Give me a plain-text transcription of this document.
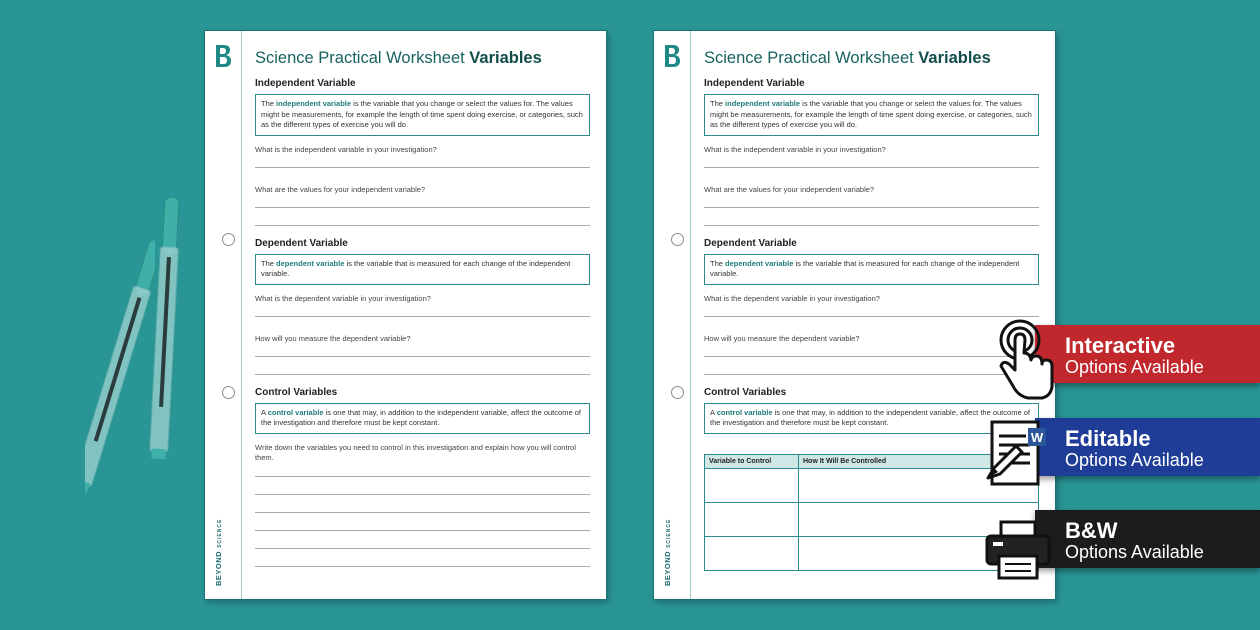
BEYONDSCIENCE
Science Practical Worksheet Variables
Independent Variable
The independent variable is the variable that you change or select the values for. The values might be measurements, for example the length of time spent doing exercise, or categories, such as the different types of exercise you will do.
What is the independent variable in your investigation?
What are the values for your independent variable?
Dependent Variable
The dependent variable is the variable that is measured for each change of the independent variable.
What is the dependent variable in your investigation?
How will you measure the dependent variable?
Control Variables
A control variable is one that may, in addition to the independent variable, affect the outcome of the investigation and therefore must be kept constant.
Write down the variables you need to control in this investigation and explain how you will control them.
BEYONDSCIENCE
Science Practical Worksheet Variables
Independent Variable
The independent variable is the variable that you change or select the values for. The values might be measurements, for example the length of time spent doing exercise, or categories, such as the different types of exercise you will do.
What is the independent variable in your investigation?
What are the values for your independent variable?
Dependent Variable
The dependent variable is the variable that is measured for each change of the independent variable.
What is the dependent variable in your investigation?
How will you measure the dependent variable?
Control Variables
A control variable is one that may, in addition to the independent variable, affect the outcome of the investigation and therefore must be kept constant.
Variable to Control	How It Will Be Controlled

Interactive
Options Available
Editable
Options Available
B&W
Options Available
W
